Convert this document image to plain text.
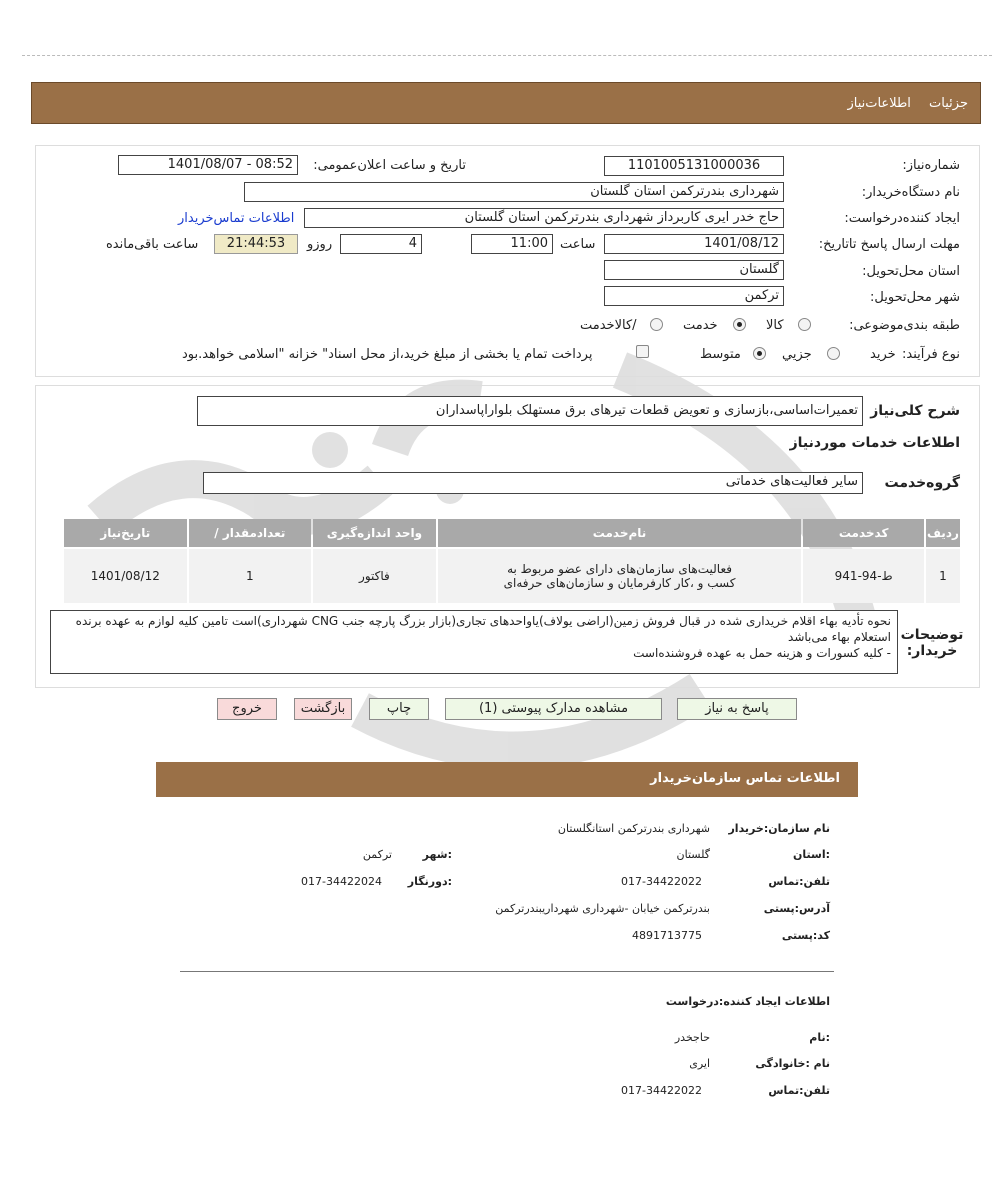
جزئیات اطلاعات‌نیاز
شماره‌نیاز:
1101005131000036
تاریخ و ساعت اعلان‌عمومی:
1401/08/07 - 08:52
نام دستگاه‌خریدار:
شهرداری بندرترکمن استان گلستان
ایجاد کننده‌درخواست:
حاج خدر ایری کاربرداز شهرداری بندرترکمن استان گلستان
اطلاعات تماس‌خریدار
مهلت ارسال پاسخ تا‌تاریخ:
1401/08/12
ساعت
11:00
4
روزو
21:44:53
ساعت باقی‌مانده
استان محل‌تحویل:
گلستان
شهر محل‌تحویل:
ترکمن
طبقه بندی‌موضوعی:
کالا
خدمت
/کالاخدمت
نوع فرآیند:
خرید
جزیي
متوسط
پرداخت تمام یا بخشی از مبلغ خرید،از محل اسناد" خزانه "اسلامی خواهد.بود
شرح کلی‌نیاز
تعمیرات‌اساسی،بازسازی و تعویض قطعات تیرهای برق مستهلک بلواراپاسداران
اطلاعات خدمات موردنیاز
گروه‌خدمت
سایر فعالیت‌های خدماتی
تاریخ‌نیاز	/ تعدادمقدار	واحد اندازه‌گیری	نام‌خدمت	کدخدمت	ردیف
1401/08/12	1	فاکتور	فعالیت‌های سازمان‌های دارای عضو مربوط به کسب و ،کار کارفرمایان و سازمان‌های حرفه‌ای	ط-94-941	1
توضیحات خریدار:
نحوه تأدیه بهاء اقلام خریداری شده در قبال فروش زمین(اراضی یولاف)یاواحدهای تجاری(بازار بزرگ پارچه جنب CNG شهرداری)است تامین کلیه لوازم به عهده برنده استعلام بهاء می‌باشد
- کلیه کسورات و هزینه حمل به عهده فروشنده‌است
پاسخ به نیاز
مشاهده مدارک پیوستی (1)
چاپ
بازگشت
خروج
اطلاعات تماس سازمان‌خریدار
نام سازمان:خریدار
شهرداری بندرترکمن استانگلستان
:استان
گلستان
:شهر
ترکمن
تلفن:تماس
017-34422022
:دورنگار
017-34422024
آدرس:پستی
بندرترکمن خیابان -شهرداری شهرداریبندرترکمن
کد:پستی
4891713775
اطلاعات ایجاد کننده:درخواست
:نام
حاجخدر
نام :خانوادگی
ایری
تلفن:تماس
017-34422022
